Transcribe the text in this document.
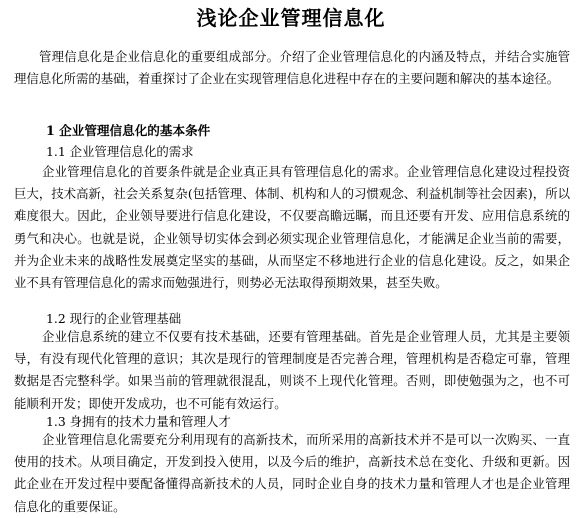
浅论企业管理信息化

管理信息化是企业信息化的重要组成部分。介绍了企业管理信息化的内涵及特点，并结合实施管理信息化所需的基础，着重探讨了企业在实现管理信息化进程中存在的主要问题和解决的基本途径。

1 企业管理信息化的基本条件
1.1 企业管理信息化的需求

企业管理信息化的首要条件就是企业真正具有管理信息化的需求。企业管理信息化建设过程投资巨大，技术高新，社会关系复杂(包括管理、体制、机构和人的习惯观念、利益机制等社会因素)，所以难度很大。因此，企业领导要进行信息化建设，不仅要高瞻远瞩，而且还要有开发、应用信息系统的勇气和决心。也就是说，企业领导切实体会到必须实现企业管理信息化，才能满足企业当前的需要，并为企业未来的战略性发展奠定坚实的基础，从而坚定不移地进行企业的信息化建设。反之，如果企业不具有管理信息化的需求而勉强进行，则势必无法取得预期效果，甚至失败。

1.2 现行的企业管理基础

企业信息系统的建立不仅要有技术基础，还要有管理基础。首先是企业管理人员，尤其是主要领导，有没有现代化管理的意识；其次是现行的管理制度是否完善合理，管理机构是否稳定可靠，管理数据是否完整科学。如果当前的管理就很混乱，则谈不上现代化管理。否则，即使勉强为之，也不可能顺利开发；即使开发成功，也不可能有效运行。

1.3 身拥有的技术力量和管理人才

企业管理信息化需要充分利用现有的高新技术，而所采用的高新技术并不是可以一次购买、一直使用的技术。从项目确定，开发到投入使用，以及今后的维护，高新技术总在变化、升级和更新。因此企业在开发过程中要配备懂得高新技术的人员，同时企业自身的技术力量和管理人才也是企业管理信息化的重要保证。
